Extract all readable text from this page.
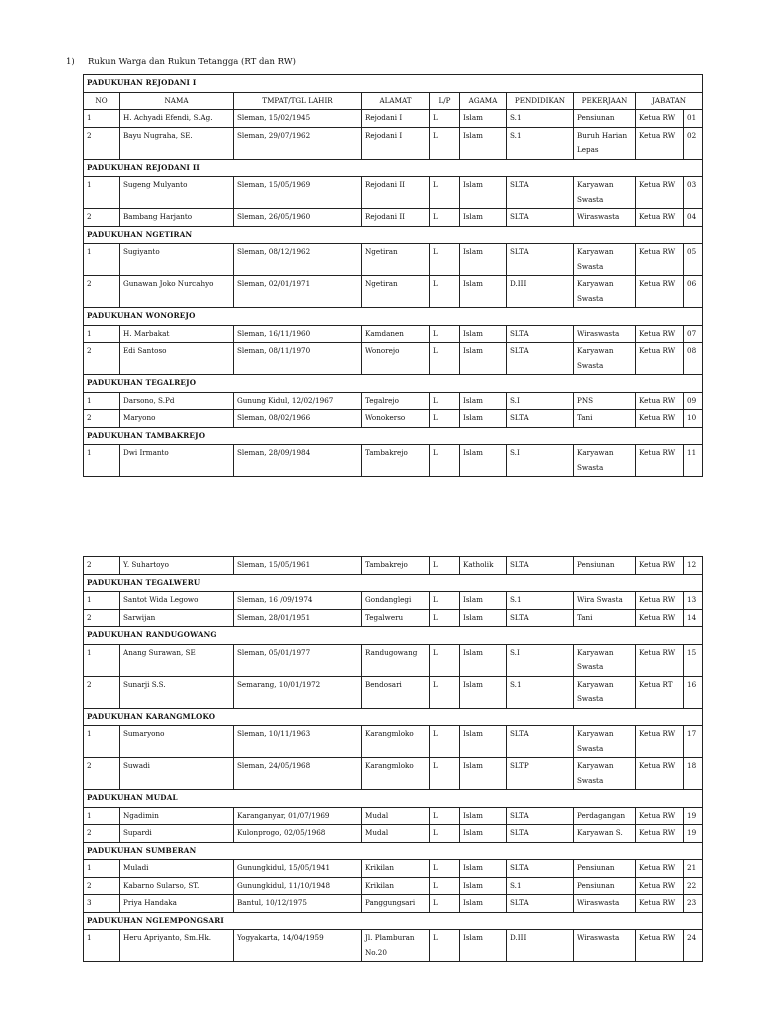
1) Rukun Warga dan Rukun Tetangga (RT dan RW)
PADUKUHAN REJODANI I									
NO	NAMA	TMPAT/TGL LAHIR	ALAMAT	L/P	AGAMA	PENDIDIKAN	PEKERJAAN	JABATAN	
1	H. Achyadi Efendi, S.Ag.	Sleman, 15/02/1945	Rejodani I	L	Islam	S.1	Pensiunan	Ketua RW	01
2	Bayu Nugraha, SE.	Sleman, 29/07/1962	Rejodani I	L	Islam	S.1	Buruh Harian Lepas	Ketua RW	02
PADUKUHAN REJODANI II									
1	Sugeng Mulyanto	Sleman, 15/05/1969	Rejodani II	L	Islam	SLTA	Karyawan Swasta	Ketua RW	03
2	Bambang Harjanto	Sleman, 26/05/1960	Rejodani II	L	Islam	SLTA	Wiraswasta	Ketua RW	04
PADUKUHAN NGETIRAN									
1	Sugiyanto	Sleman, 08/12/1962	Ngetiran	L	Islam	SLTA	Karyawan Swasta	Ketua RW	05
2	Gunawan Joko Nurcahyo	Sleman, 02/01/1971	Ngetiran	L	Islam	D.III	Karyawan Swasta	Ketua RW	06
PADUKUHAN WONOREJO									
1	H. Marbakat	Sleman, 16/11/1960	Kamdanen	L	Islam	SLTA	Wiraswasta	Ketua RW	07
2	Edi Santoso	Sleman, 08/11/1970	Wonorejo	L	Islam	SLTA	Karyawan Swasta	Ketua RW	08
PADUKUHAN TEGALREJO									
1	Darsono, S.Pd	Gunung Kidul, 12/02/1967	Tegalrejo	L	Islam	S.I	PNS	Ketua RW	09
2	Maryono	Sleman, 08/02/1966	Wonokerso	L	Islam	SLTA	Tani	Ketua RW	10
PADUKUHAN TAMBAKREJO									
1	Dwi Irmanto	Sleman, 28/09/1984	Tambakrejo	L	Islam	S.I	Karyawan Swasta	Ketua RW	11
2	Y. Suhartoyo	Sleman, 15/05/1961	Tambakrejo	L	Katholik	SLTA	Pensiunan	Ketua RW	12
PADUKUHAN TEGALWERU									
1	Santot Wida Legowo	Sleman, 16 /09/1974	Gondanglegi	L	Islam	S.1	Wira Swasta	Ketua RW	13
2	Sarwijan	Sleman, 28/01/1951	Tegalweru	L	Islam	SLTA	Tani	Ketua RW	14
PADUKUHAN RANDUGOWANG									
1	Anang Surawan, SE	Sleman, 05/01/1977	Randugowang	L	Islam	S.I	Karyawan Swasta	Ketua RW	15
2	Sunarji S.S.	Semarang, 10/01/1972	Bendosari	L	Islam	S.1	Karyawan Swasta	Ketua RT	16
PADUKUHAN KARANGMLOKO									
1	Sumaryono	Sleman, 10/11/1963	Karangmloko	L	Islam	SLTA	Karyawan Swasta	Ketua RW	17
2	Suwadi	Sleman, 24/05/1968	Karangmloko	L	Islam	SLTP	Karyawan Swasta	Ketua RW	18
PADUKUHAN MUDAL									
1	Ngadimin	Karanganyar, 01/07/1969	Mudal	L	Islam	SLTA	Perdagangan	Ketua RW	19
2	Supardi	Kulonprogo, 02/05/1968	Mudal	L	Islam	SLTA	Karyawan S.	Ketua RW	19
PADUKUHAN SUMBERAN									
1	Muladi	Gunungkidul, 15/05/1941	Krikilan	L	Islam	SLTA	Pensiunan	Ketua RW	21
2	Kabarno Sularso, ST.	Gunungkidul, 11/10/1948	Krikilan	L	Islam	S.1	Pensiunan	Ketua RW	22
3	Priya Handaka	Bantul, 10/12/1975	Panggungsari	L	Islam	SLTA	Wiraswasta	Ketua RW	23
PADUKUHAN NGLEMPONGSARI									
1	Heru Apriyanto, Sm.Hk.	Yogyakarta, 14/04/1959	Jl. Plamburan No.20	L	Islam	D.III	Wiraswasta	Ketua RW	24
